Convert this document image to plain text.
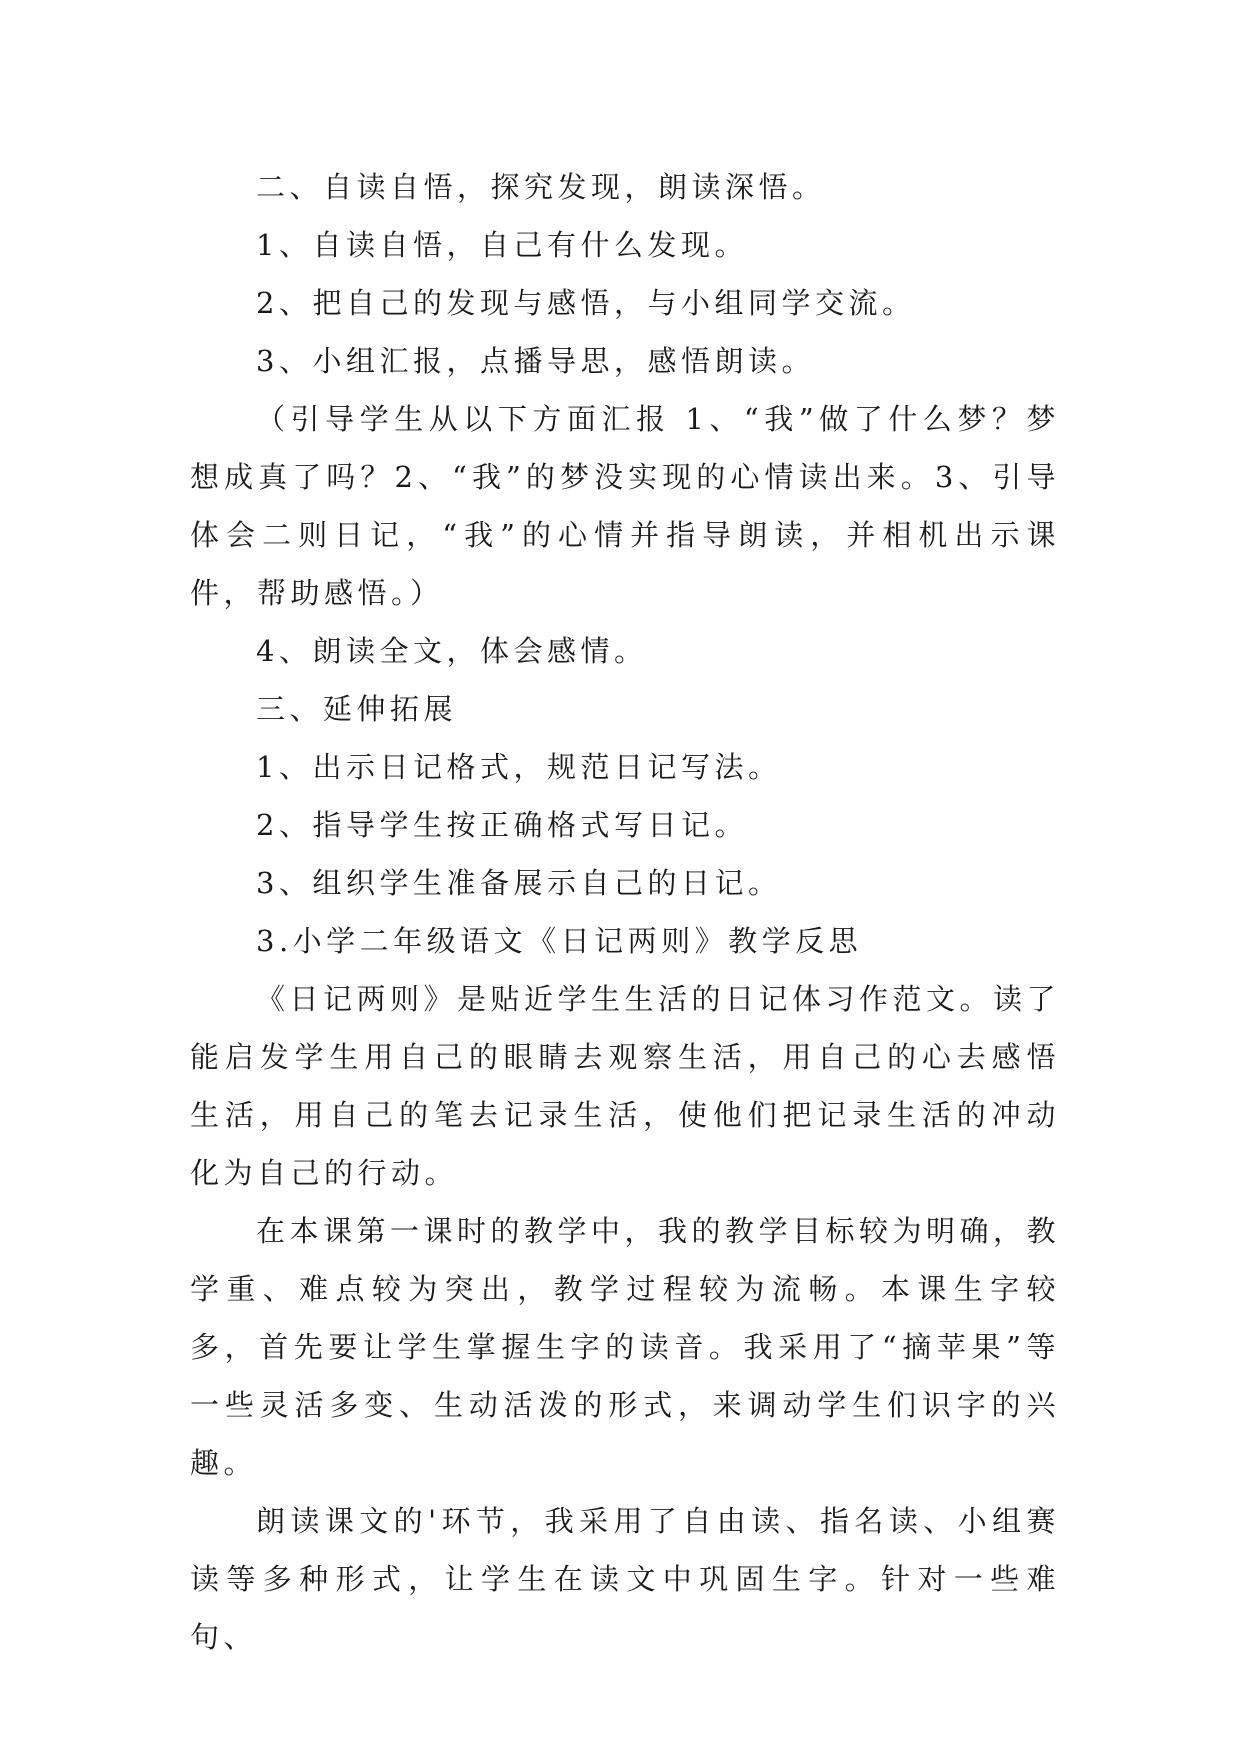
二、自读自悟，探究发现，朗读深悟。

1、自读自悟，自己有什么发现。

2、把自己的发现与感悟，与小组同学交流。

3、小组汇报，点播导思，感悟朗读。

（引导学生从以下方面汇报 1、“我”做了什么梦？梦想成真了吗？2、“我”的梦没实现的心情读出来。3、引导体会二则日记，“我”的心情并指导朗读，并相机出示课件，帮助感悟。）

4、朗读全文，体会感情。

三、延伸拓展

1、出示日记格式，规范日记写法。

2、指导学生按正确格式写日记。

3、组织学生准备展示自己的日记。

3.小学二年级语文《日记两则》教学反思

《日记两则》是贴近学生生活的日记体习作范文。读了能启发学生用自己的眼睛去观察生活，用自己的心去感悟生活，用自己的笔去记录生活，使他们把记录生活的冲动化为自己的行动。

在本课第一课时的教学中，我的教学目标较为明确，教学重、难点较为突出，教学过程较为流畅。本课生字较多，首先要让学生掌握生字的读音。我采用了“摘苹果”等一些灵活多变、生动活泼的形式，来调动学生们识字的兴趣。

朗读课文的'环节，我采用了自由读、指名读、小组赛读等多种形式，让学生在读文中巩固生字。针对一些难句、
